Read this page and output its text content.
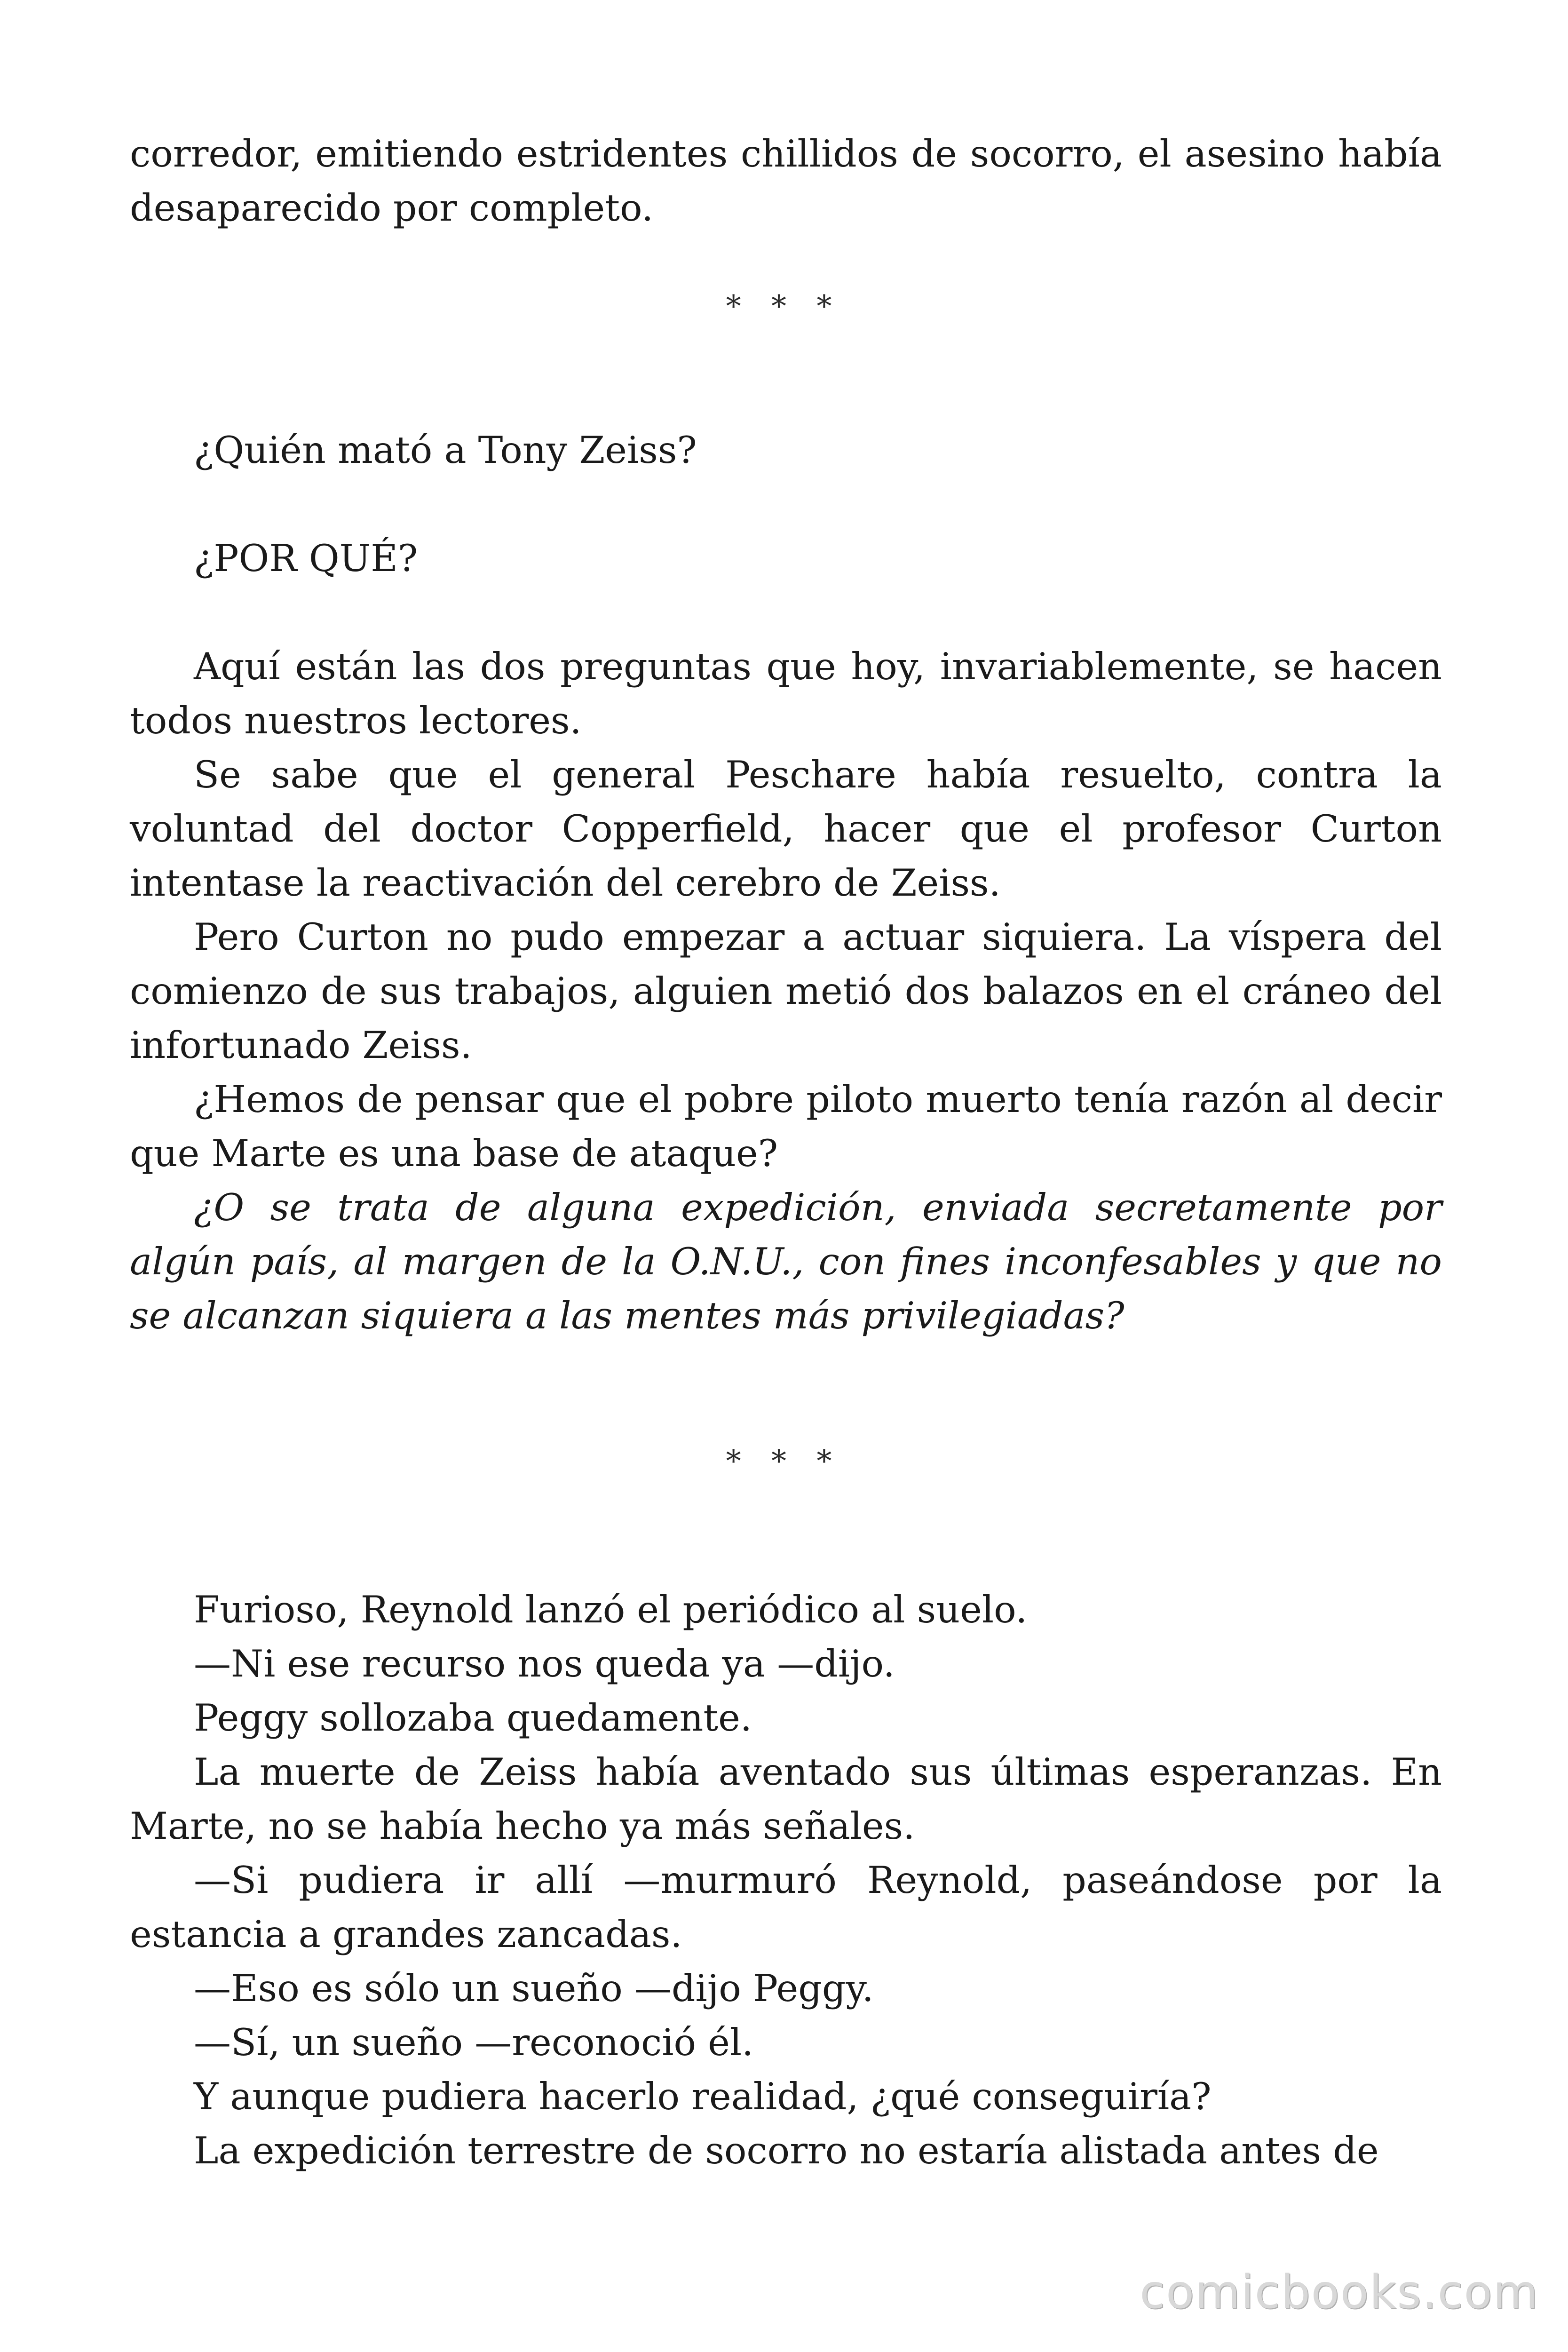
corredor, emitiendo estridentes chillidos de socorro, el asesino había desaparecido por completo.

* * *

¿Quién mató a Tony Zeiss?

¿POR QUÉ?

Aquí están las dos preguntas que hoy, invariablemente, se hacen todos nuestros lectores.

Se sabe que el general Peschare había resuelto, contra la voluntad del doctor Copperfield, hacer que el profesor Curton intentase la reactivación del cerebro de Zeiss.

Pero Curton no pudo empezar a actuar siquiera. La víspera del comienzo de sus trabajos, alguien metió dos balazos en el cráneo del infortunado Zeiss.

¿Hemos de pensar que el pobre piloto muerto tenía razón al decir que Marte es una base de ataque?

¿O se trata de alguna expedición, enviada secretamente por algún país, al margen de la O.N.U., con fines inconfesables y que no se alcanzan siquiera a las mentes más privilegiadas?

* * *

Furioso, Reynold lanzó el periódico al suelo.

—Ni ese recurso nos queda ya —dijo.

Peggy sollozaba quedamente.

La muerte de Zeiss había aventado sus últimas esperanzas. En Marte, no se había hecho ya más señales.

—Si pudiera ir allí —murmuró Reynold, paseándose por la estancia a grandes zancadas.

—Eso es sólo un sueño —dijo Peggy.

—Sí, un sueño —reconoció él.

Y aunque pudiera hacerlo realidad, ¿qué conseguiría?

La expedición terrestre de socorro no estaría alistada antes de

comicbooks.com
